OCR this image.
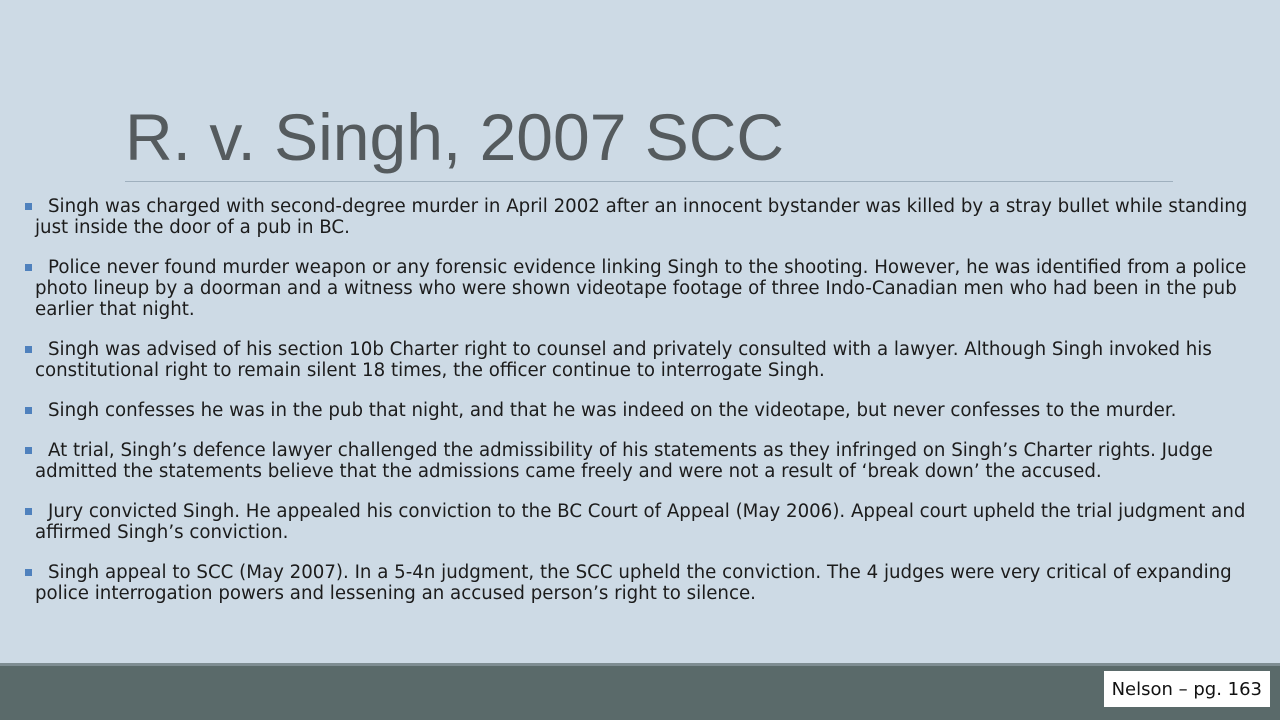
R. v. Singh, 2007 SCC
Singh was charged with second-degree murder in April 2002 after an innocent bystander was killed by a stray bullet while standing just inside the door of a pub in BC.
Police never found murder weapon or any forensic evidence linking Singh to the shooting. However, he was identified from a police photo lineup by a doorman and a witness who were shown videotape footage of three Indo-Canadian men who had been in the pub earlier that night.
Singh was advised of his section 10b Charter right to counsel and privately consulted with a lawyer. Although Singh invoked his constitutional right to remain silent 18 times, the officer continue to interrogate Singh.
Singh confesses he was in the pub that night, and that he was indeed on the videotape, but never confesses to the murder.
At trial, Singh’s defence lawyer challenged the admissibility of his statements as they infringed on Singh’s Charter rights. Judge admitted the statements believe that the admissions came freely and were not a result of ‘break down’ the accused.
Jury convicted Singh. He appealed his conviction to the BC Court of Appeal (May 2006). Appeal court upheld the trial judgment and affirmed Singh’s conviction.
Singh appeal to SCC (May 2007). In a 5-4n judgment, the SCC upheld the conviction. The 4 judges were very critical of expanding police interrogation powers and lessening an accused person’s right to silence.
Nelson – pg. 163
